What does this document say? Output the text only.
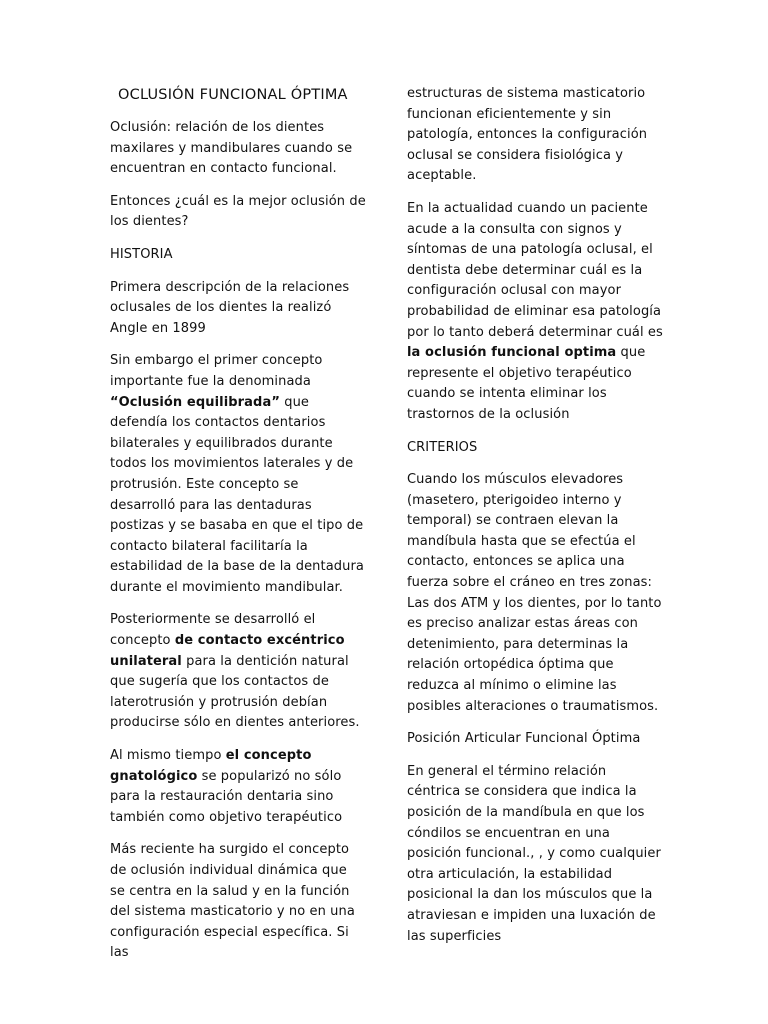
OCLUSIÓN FUNCIONAL ÓPTIMA

Oclusión: relación de los dientes maxilares y mandibulares cuando se encuentran en contacto funcional.

Entonces ¿cuál es la mejor oclusión de los dientes?

HISTORIA

Primera descripción de la relaciones oclusales de los dientes la realizó Angle en 1899

Sin embargo el primer concepto importante fue la denominada “Oclusión equilibrada” que defendía los contactos dentarios bilaterales y equilibrados durante todos los movimientos laterales y de protrusión. Este concepto se desarrolló para las dentaduras postizas y se basaba en que el tipo de contacto bilateral facilitaría la estabilidad de la base de la dentadura durante el movimiento mandibular.

Posteriormente se desarrolló el concepto de contacto excéntrico unilateral para la dentición natural que sugería que los contactos de laterotrusión y protrusión debían producirse sólo en dientes anteriores.

Al mismo tiempo el concepto gnatológico se popularizó no sólo para la restauración dentaria sino también como objetivo terapéutico

Más reciente ha surgido el concepto de oclusión individual dinámica que se centra en la salud y en la función del sistema masticatorio y no en una configuración especial específica. Si las

estructuras de sistema masticatorio funcionan eficientemente y sin patología, entonces la configuración oclusal se considera fisiológica y aceptable.

En la actualidad cuando un paciente acude a la consulta con signos y síntomas de una patología oclusal, el dentista debe determinar cuál es la configuración oclusal con mayor probabilidad de eliminar esa patología por lo tanto deberá determinar cuál es la oclusión funcional optima que represente el objetivo terapéutico cuando se intenta eliminar los trastornos de la oclusión

CRITERIOS

Cuando los músculos elevadores (masetero, pterigoideo interno y temporal) se contraen elevan la mandíbula hasta que se efectúa el contacto, entonces se aplica una fuerza sobre el cráneo en tres zonas: Las dos ATM y los dientes, por lo tanto es preciso analizar estas áreas con detenimiento, para determinas la relación ortopédica óptima que reduzca al mínimo o elimine las posibles alteraciones o traumatismos.

Posición Articular Funcional Óptima

En general el término relación céntrica se considera que indica la posición de la mandíbula en que los cóndilos se encuentran en una posición funcional., , y como cualquier otra articulación, la estabilidad posicional la dan los músculos que la atraviesan e impiden una luxación de las superficies
